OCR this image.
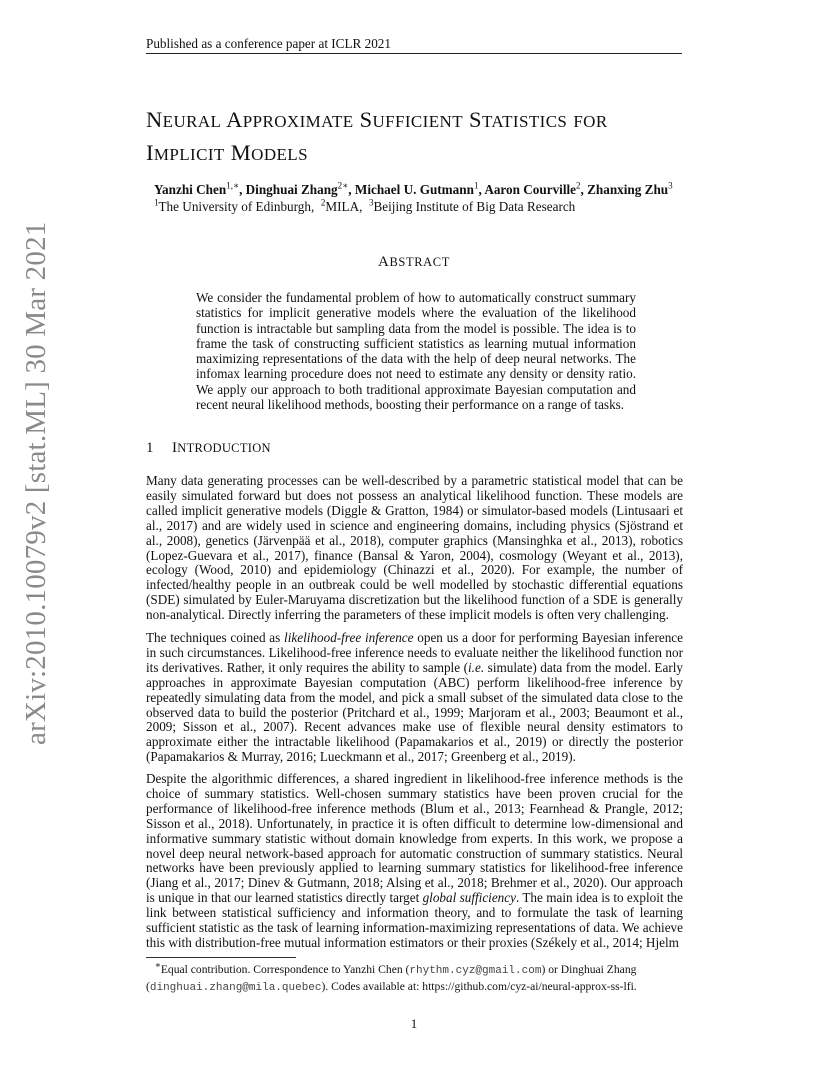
Published as a conference paper at ICLR 2021
arXiv:2010.10079v2 [stat.ML] 30 Mar 2021
NEURAL APPROXIMATE SUFFICIENT STATISTICS FOR
IMPLICIT MODELS
Yanzhi Chen$^{1,∗}$, Dinghuai Zhang$^{2∗}$, Michael U. Gutmann$^1$, Aaron Courville$^2$, Zhanxing Zhu$^3$
$^1$The University of Edinburgh, $^2$MILA, $^3$Beijing Institute of Big Data Research
ABSTRACT
We consider the fundamental problem of how to automatically construct summary statistics for implicit generative models where the evaluation of the likelihood function is intractable but sampling data from the model is possible. The idea is to frame the task of constructing sufficient statistics as learning mutual information maximizing representations of the data with the help of deep neural networks. The infomax learning procedure does not need to estimate any density or density ratio. We apply our approach to both traditional approximate Bayesian computation and recent neural likelihood methods, boosting their performance on a range of tasks.
1 INTRODUCTION
Many data generating processes can be well-described by a parametric statistical model that can be easily simulated forward but does not possess an analytical likelihood function. These models are called implicit generative models (Diggle & Gratton, 1984) or simulator-based models (Lintusaari et al., 2017) and are widely used in science and engineering domains, including physics (Sjöstrand et al., 2008), genetics (Järvenpää et al., 2018), computer graphics (Mansinghka et al., 2013), robotics (Lopez-Guevara et al., 2017), finance (Bansal & Yaron, 2004), cosmology (Weyant et al., 2013), ecology (Wood, 2010) and epidemiology (Chinazzi et al., 2020). For example, the number of infected/healthy people in an outbreak could be well modelled by stochastic differential equations (SDE) simulated by Euler-Maruyama discretization but the likelihood function of a SDE is generally non-analytical. Directly inferring the parameters of these implicit models is often very challenging.
The techniques coined as likelihood-free inference open us a door for performing Bayesian inference in such circumstances. Likelihood-free inference needs to evaluate neither the likelihood function nor its derivatives. Rather, it only requires the ability to sample (i.e. simulate) data from the model. Early approaches in approximate Bayesian computation (ABC) perform likelihood-free inference by repeatedly simulating data from the model, and pick a small subset of the simulated data close to the observed data to build the posterior (Pritchard et al., 1999; Marjoram et al., 2003; Beaumont et al., 2009; Sisson et al., 2007). Recent advances make use of flexible neural density estimators to approximate either the intractable likelihood (Papamakarios et al., 2019) or directly the posterior (Papamakarios & Murray, 2016; Lueckmann et al., 2017; Greenberg et al., 2019).
Despite the algorithmic differences, a shared ingredient in likelihood-free inference methods is the choice of summary statistics. Well-chosen summary statistics have been proven crucial for the performance of likelihood-free inference methods (Blum et al., 2013; Fearnhead & Prangle, 2012; Sisson et al., 2018). Unfortunately, in practice it is often difficult to determine low-dimensional and informative summary statistic without domain knowledge from experts. In this work, we propose a novel deep neural network-based approach for automatic construction of summary statistics. Neural networks have been previously applied to learning summary statistics for likelihood-free inference (Jiang et al., 2017; Dinev & Gutmann, 2018; Alsing et al., 2018; Brehmer et al., 2020). Our approach is unique in that our learned statistics directly target global sufficiency. The main idea is to exploit the link between statistical sufficiency and information theory, and to formulate the task of learning sufficient statistic as the task of learning information-maximizing representations of data. We achieve this with distribution-free mutual information estimators or their proxies (Székely et al., 2014; Hjelm
∗Equal contribution. Correspondence to Yanzhi Chen (rhythm.cyz@gmail.com) or Dinghuai Zhang (dinghuai.zhang@mila.quebec). Codes available at: https://github.com/cyz-ai/neural-approx-ss-lfi.
1
